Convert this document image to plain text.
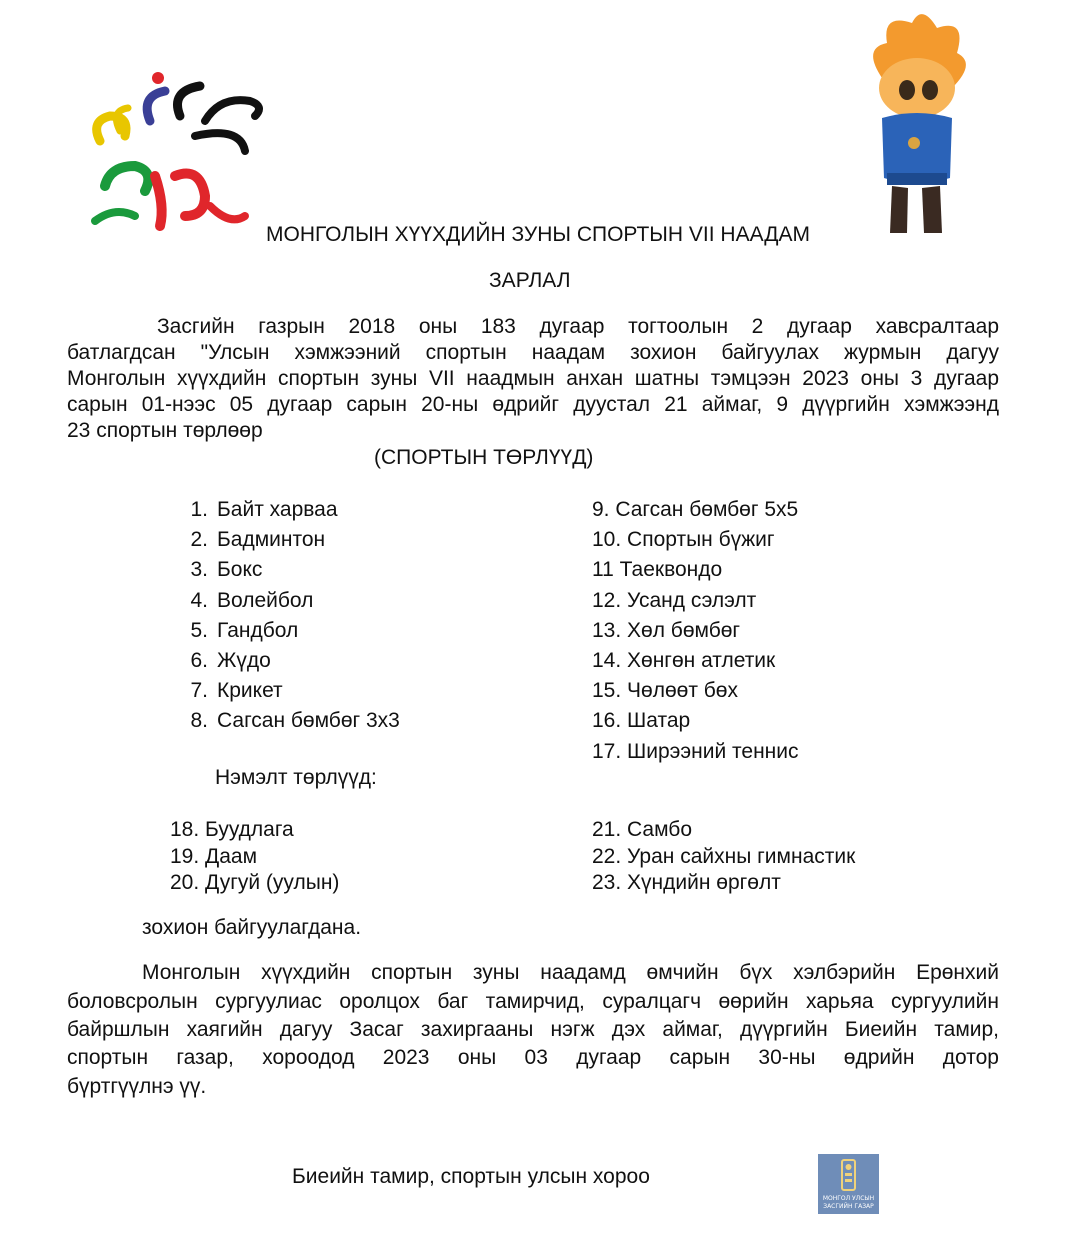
МОНГОЛЫН ХҮҮХДИЙН ЗУНЫ СПОРТЫН VII НААДАМ
ЗАРЛАЛ
Засгийн газрын 2018 оны 183 дугаар тогтоолын 2 дугаар хавсралтаар
батлагдсан "Улсын хэмжээний спортын наадам зохион байгуулах журмын дагуу
Монголын хүүхдийн спортын зуны VII наадмын анхан шатны тэмцээн 2023 оны 3 дугаар
сарын 01-нээс 05 дугаар сарын 20-ны өдрийг дуустал 21 аймаг, 9 дүүргийн хэмжээнд
23 спортын төрлөөр
(СПОРТЫН ТӨРЛҮҮД)
1. Байт харваа
2. Бадминтон
3. Бокс
4. Волейбол
5. Гандбол
6. Жүдо
7. Крикет
8. Сагсан бөмбөг 3х3
9. Сагсан бөмбөг 5х5
10. Спортын бүжиг
11 Таеквондо
12. Усанд сэлэлт
13. Хөл бөмбөг
14. Хөнгөн атлетик
15. Чөлөөт бөх
16. Шатар
17. Ширээний теннис
Нэмэлт төрлүүд:
18. Буудлага
19. Даам
20. Дугуй (уулын)
21. Самбо
22. Уран сайхны гимнастик
23. Хүндийн өргөлт
зохион байгуулагдана.
Монголын хүүхдийн спортын зуны наадамд өмчийн бүх хэлбэрийн Ерөнхий
боловсролын сургуулиас оролцох баг тамирчид, суралцагч өөрийн харьяа сургуулийн
байршлын хаягийн дагуу Засаг захиргааны нэгж дэх аймаг, дүүргийн Биеийн тамир,
спортын газар, хороодод 2023 оны 03 дугаар сарын 30-ны өдрийн дотор
бүртгүүлнэ үү.
Биеийн тамир, спортын улсын хороо
МОНГОЛ УЛСЫН
ЗАСГИЙН ГАЗАР
